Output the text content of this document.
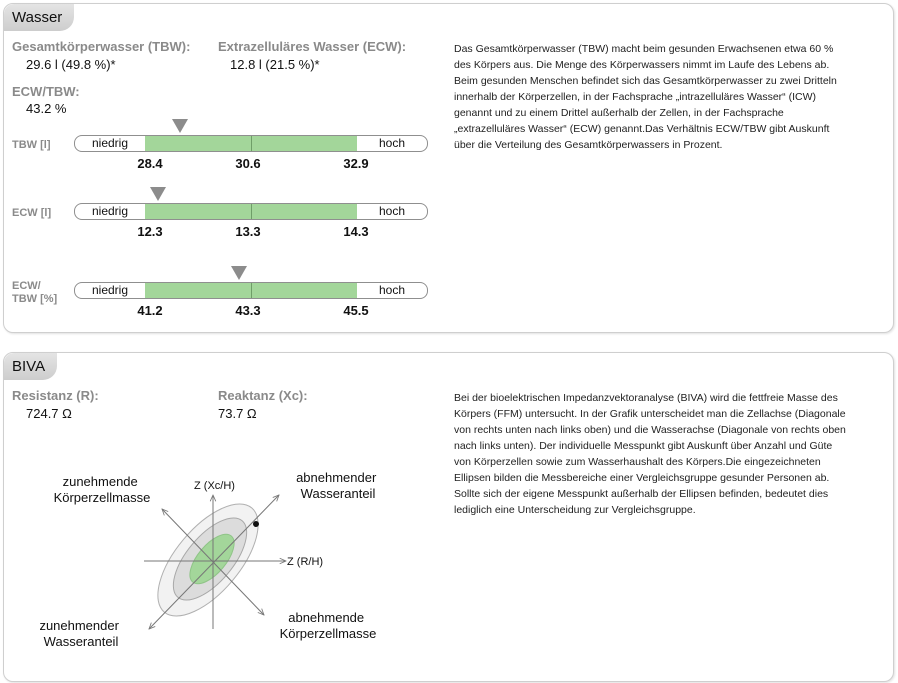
Wasser
Gesamtkörperwasser (TBW):
29.6 l (49.8 %)*
Extrazelluläres Wasser (ECW):
12.8 l (21.5 %)*
ECW/TBW:
43.2 %
TBW [l]	niedrig	hoch
28.4	30.6	32.9
ECW [l]	niedrig	hoch
12.3	13.3	14.3
ECW/
TBW [%]
niedrig	hoch
41.2	43.3	45.5
Das Gesamtkörperwasser (TBW) macht beim gesunden Erwachsenen etwa 60 %
des Körpers aus. Die Menge des Körperwassers nimmt im Laufe des Lebens ab.
Beim gesunden Menschen befindet sich das Gesamtkörperwasser zu zwei Dritteln
innerhalb der Körperzellen, in der Fachsprache „intrazelluläres Wasser“ (ICW)
genannt und zu einem Drittel außerhalb der Zellen, in der Fachsprache
„extrazelluläres Wasser“ (ECW) genannt.Das Verhältnis ECW/TBW gibt Auskunft
über die Verteilung des Gesamtkörperwassers in Prozent.
BIVA
Resistanz (R):
724.7 Ω
Reaktanz (Xc):
73.7 Ω
Z (Xc/H)
Z (R/H)
zunehmende Körperzellmasse
abnehmender Wasseranteil
zunehmender Wasseranteil
abnehmende Körperzellmasse
Bei der bioelektrischen Impedanzvektoranalyse (BIVA) wird die fettfreie Masse des
Körpers (FFM) untersucht. In der Grafik unterscheidet man die Zellachse (Diagonale
von rechts unten nach links oben) und die Wasserachse (Diagonale von rechts oben
nach links unten). Der individuelle Messpunkt gibt Auskunft über Anzahl und Güte
von Körperzellen sowie zum Wasserhaushalt des Körpers.Die eingezeichneten
Ellipsen bilden die Messbereiche einer Vergleichsgruppe gesunder Personen ab.
Sollte sich der eigene Messpunkt außerhalb der Ellipsen befinden, bedeutet dies
lediglich eine Unterscheidung zur Vergleichsgruppe.
